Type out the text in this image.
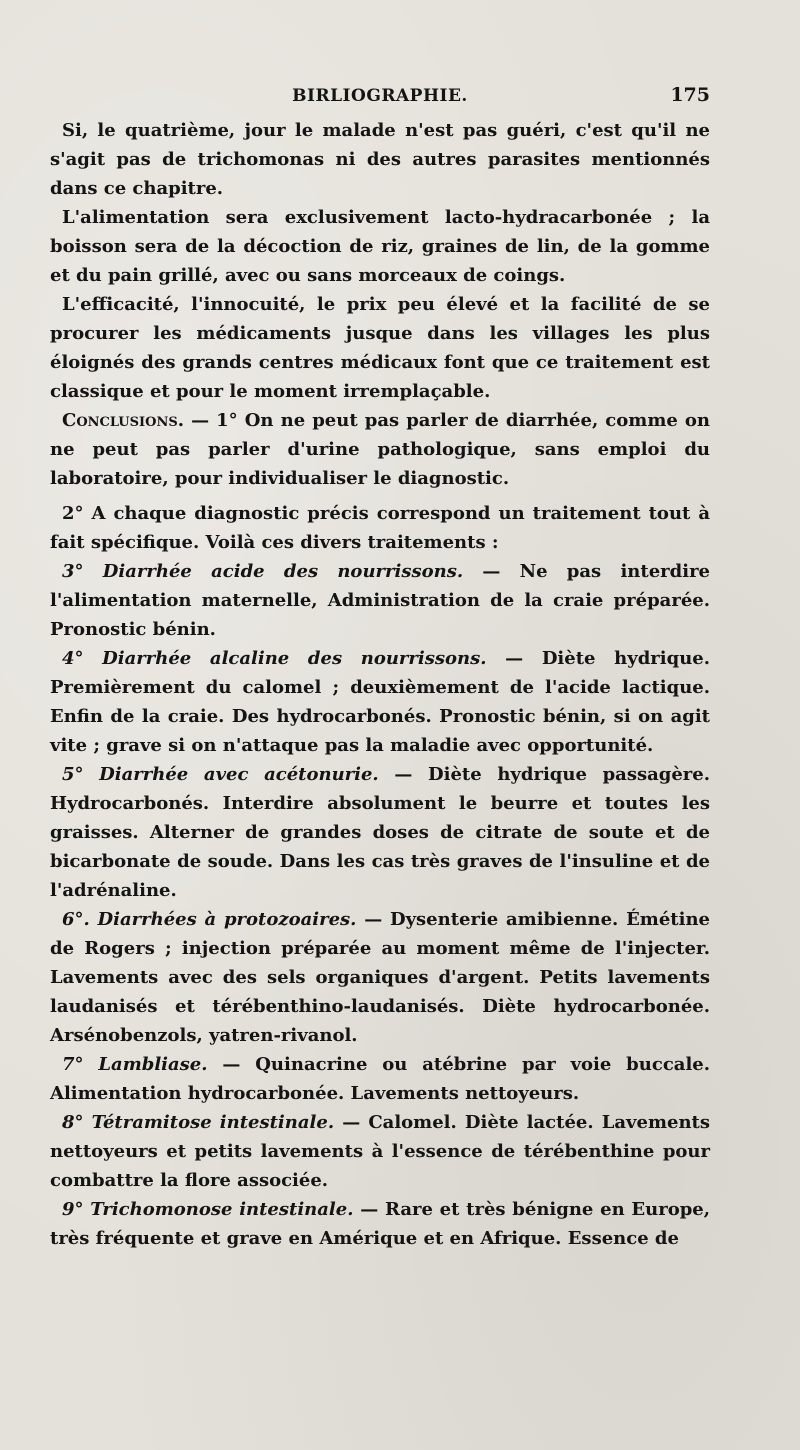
BIRLIOGRAPHIE.	175

Si, le quatrième, jour le malade n'est pas guéri, c'est qu'il ne s'agit pas de trichomonas ni des autres parasites mentionnés dans ce chapitre.

L'alimentation sera exclusivement lacto-hydracarbonée ; la boisson sera de la décoction de riz, graines de lin, de la gomme et du pain grillé, avec ou sans morceaux de coings.

L'efficacité, l'innocuité, le prix peu élevé et la facilité de se procurer les médicaments jusque dans les villages les plus éloignés des grands centres médicaux font que ce traitement est classique et pour le moment irremplaçable.

Conclusions. — 1° On ne peut pas parler de diarrhée, comme on ne peut pas parler d'urine pathologique, sans emploi du laboratoire, pour individualiser le diagnostic.

2° A chaque diagnostic précis correspond un traitement tout à fait spécifique. Voilà ces divers traitements :

3° Diarrhée acide des nourrissons. — Ne pas interdire l'alimentation maternelle, Administration de la craie préparée. Pronostic bénin.

4° Diarrhée alcaline des nourrissons. — Diète hydrique. Premièrement du calomel ; deuxièmement de l'acide lactique. Enfin de la craie. Des hydrocarbonés. Pronostic bénin, si on agit vite ; grave si on n'attaque pas la maladie avec opportunité.

5° Diarrhée avec acétonurie. — Diète hydrique passagère. Hydrocarbonés. Interdire absolument le beurre et toutes les graisses. Alterner de grandes doses de citrate de soute et de bicarbonate de soude. Dans les cas très graves de l'insuline et de l'adrénaline.

6°. Diarrhées à protozoaires. — Dysenterie amibienne. Émétine de Rogers ; injection préparée au moment même de l'injecter. Lavements avec des sels organiques d'argent. Petits lavements laudanisés et térébenthino-laudanisés. Diète hydrocarbonée. Arsénobenzols, yatren-rivanol.

7° Lambliase. — Quinacrine ou atébrine par voie buccale. Alimentation hydrocarbonée. Lavements nettoyeurs.

8° Tétramitose intestinale. — Calomel. Diète lactée. Lavements nettoyeurs et petits lavements à l'essence de térébenthine pour combattre la flore associée.

9° Trichomonose intestinale. — Rare et très bénigne en Europe, très fréquente et grave en Amérique et en Afrique. Essence de
